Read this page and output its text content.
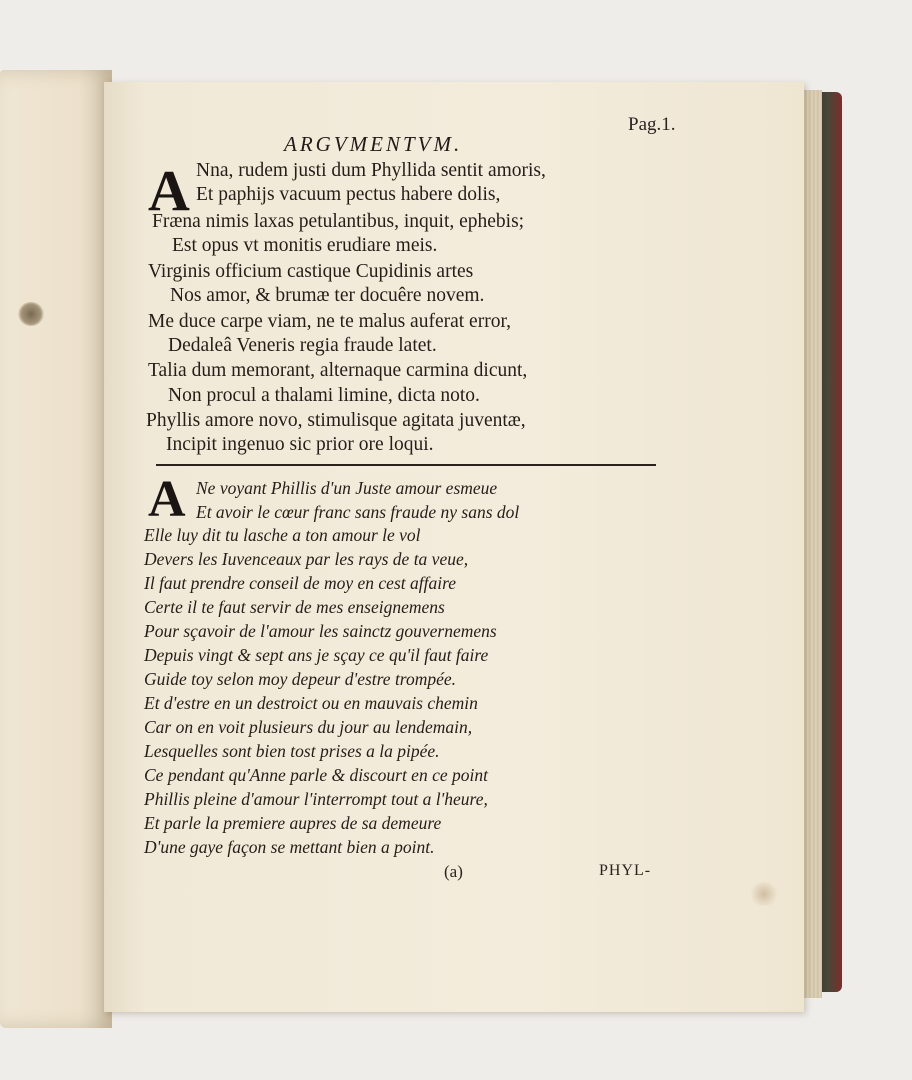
Pag.1.
ARGVMENTVM.
A Nna, rudem justi dum Phyllida sentit amoris,
Et paphijs vacuum pectus habere dolis,
Fræna nimis laxas petulantibus, inquit, ephebis;
Est opus vt monitis erudiare meis.
Virginis officium castique Cupidinis artes
Nos amor, & brumæ ter docuêre novem.
Me duce carpe viam, ne te malus auferat error,
Dedaleâ Veneris regia fraude latet.
Talia dum memorant, alternaque carmina dicunt,
Non procul a thalami limine, dicta noto.
Phyllis amore novo, stimulisque agitata juventæ,
Incipit ingenuo sic prior ore loqui.
A Ne voyant Phillis d'un Juste amour esmeue
Et avoir le cœur franc sans fraude ny sans dol
Elle luy dit tu lasche a ton amour le vol
Devers les Iuvenceaux par les rays de ta veue,
Il faut prendre conseil de moy en cest affaire
Certe il te faut servir de mes enseignemens
Pour sçavoir de l'amour les sainctz gouvernemens
Depuis vingt & sept ans je sçay ce qu'il faut faire
Guide toy selon moy depeur d'estre trompée.
Et d'estre en un destroict ou en mauvais chemin
Car on en voit plusieurs du jour au lendemain,
Lesquelles sont bien tost prises a la pipée.
Ce pendant qu'Anne parle & discourt en ce point
Phillis pleine d'amour l'interrompt tout a l'heure,
Et parle la premiere aupres de sa demeure
D'une gaye façon se mettant bien a point.
(a)	PHYL-
